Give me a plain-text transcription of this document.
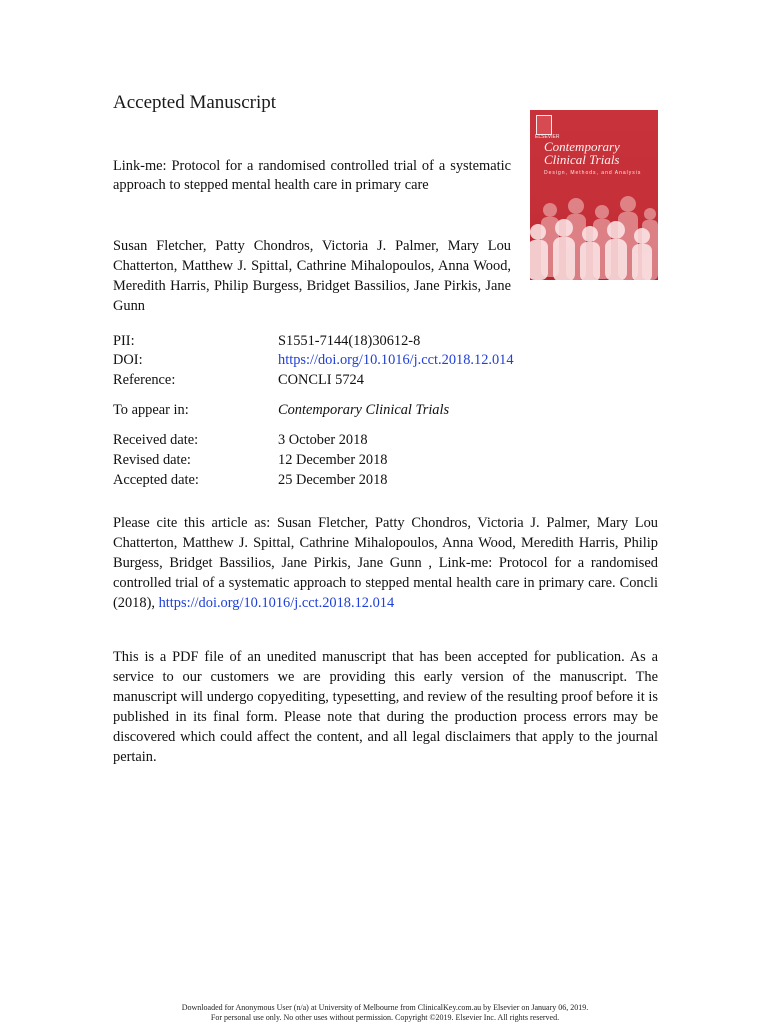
Accepted Manuscript
Link-me: Protocol for a randomised controlled trial of a systematic approach to stepped mental health care in primary care
Susan Fletcher, Patty Chondros, Victoria J. Palmer, Mary Lou Chatterton, Matthew J. Spittal, Cathrine Mihalopoulos, Anna Wood, Meredith Harris, Philip Burgess, Bridget Bassilios, Jane Pirkis, Jane Gunn
ELSEVIER
Contemporary
Clinical Trials
Design, Methods, and Analysis
PII:	S1551-7144(18)30612-8
DOI:	https://doi.org/10.1016/j.cct.2018.12.014
Reference:	CONCLI 5724
To appear in:	Contemporary Clinical Trials
Received date:	3 October 2018
Revised date:	12 December 2018
Accepted date:	25 December 2018
Please cite this article as: Susan Fletcher, Patty Chondros, Victoria J. Palmer, Mary Lou Chatterton, Matthew J. Spittal, Cathrine Mihalopoulos, Anna Wood, Meredith Harris, Philip Burgess, Bridget Bassilios, Jane Pirkis, Jane Gunn , Link-me: Protocol for a randomised controlled trial of a systematic approach to stepped mental health care in primary care. Concli (2018), https://doi.org/10.1016/j.cct.2018.12.014
This is a PDF file of an unedited manuscript that has been accepted for publication. As a service to our customers we are providing this early version of the manuscript. The manuscript will undergo copyediting, typesetting, and review of the resulting proof before it is published in its final form. Please note that during the production process errors may be discovered which could affect the content, and all legal disclaimers that apply to the journal pertain.
Downloaded for Anonymous User (n/a) at University of Melbourne from ClinicalKey.com.au by Elsevier on January 06, 2019.
For personal use only. No other uses without permission. Copyright ©2019. Elsevier Inc. All rights reserved.
